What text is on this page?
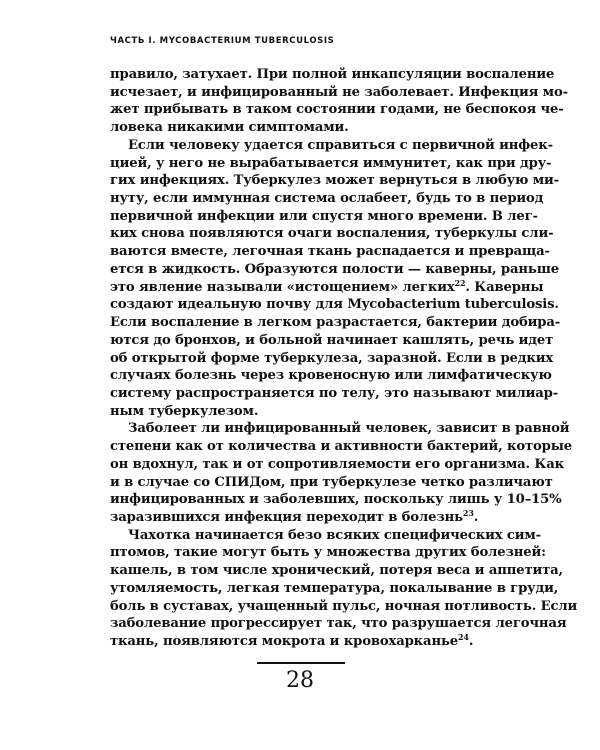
ЧАСТЬ I. MYCOBACTERIUM TUBERCULOSIS
правило, затухает. При полной инкапсуляции воспаление
исчезает, и инфицированный не заболевает. Инфекция мо-
жет прибывать в таком состоянии годами, не беспокоя че-
ловека никакими симптомами.
Если человеку удается справиться с первичной инфек-
цией, у него не вырабатывается иммунитет, как при дру-
гих инфекциях. Туберкулез может вернуться в любую ми-
нуту, если иммунная система ослабеет, будь то в период
первичной инфекции или спустя много времени. В лег-
ких снова появляются очаги воспаления, туберкулы сли-
ваются вместе, легочная ткань распадается и превраща-
ется в жидкость. Образуются полости — каверны, раньше
это явление называли «истощением» легких$^{22}$. Каверны
создают идеальную почву для Mycobacterium tuberculosis.
Если воспаление в легком разрастается, бактерии добира-
ются до бронхов, и больной начинает кашлять, речь идет
об открытой форме туберкулеза, заразной. Если в редких
случаях болезнь через кровеносную или лимфатическую
систему распространяется по телу, это называют милиар-
ным туберкулезом.
Заболеет ли инфицированный человек, зависит в равной
степени как от количества и активности бактерий, которые
он вдохнул, так и от сопротивляемости его организма. Как
и в случае со СПИДом, при туберкулезе четко различают
инфицированных и заболевших, поскольку лишь у 10–15%
заразившихся инфекция переходит в болезнь$^{23}$.
Чахотка начинается безо всяких специфических сим-
птомов, такие могут быть у множества других болезней:
кашель, в том числе хронический, потеря веса и аппетита,
утомляемость, легкая температура, покалывание в груди,
боль в суставах, учащенный пульс, ночная потливость. Если
заболевание прогрессирует так, что разрушается легочная
ткань, появляются мокрота и кровохарканье$^{24}$.
28
